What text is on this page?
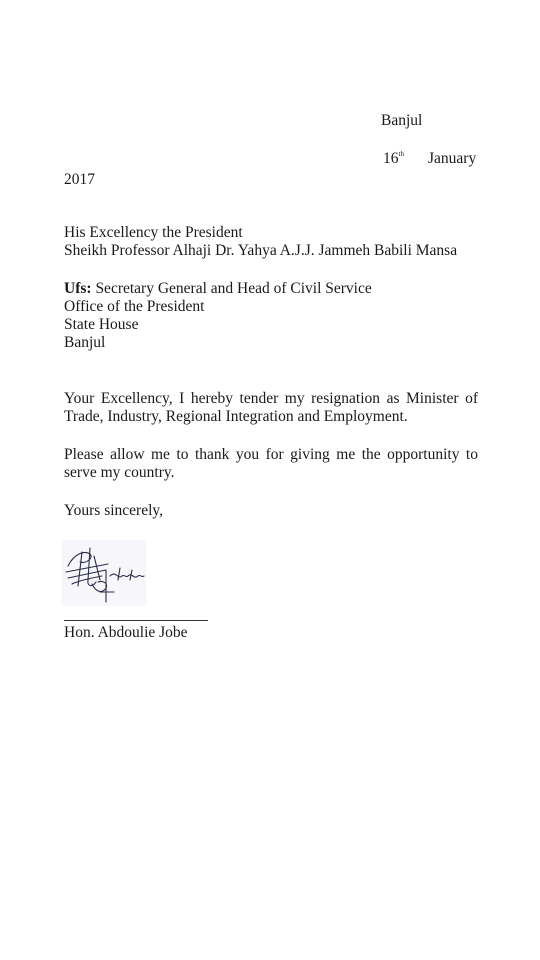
Banjul
16th January
2017
His Excellency the President
Sheikh Professor Alhaji Dr. Yahya A.J.J. Jammeh Babili Mansa
Ufs: Secretary General and Head of Civil Service
Office of the President
State House
Banjul
Your Excellency, I hereby tender my resignation as Minister of Trade, Industry, Regional Integration and Employment.
Please allow me to thank you for giving me the opportunity to serve my country.
Yours sincerely,
Hon. Abdoulie Jobe
